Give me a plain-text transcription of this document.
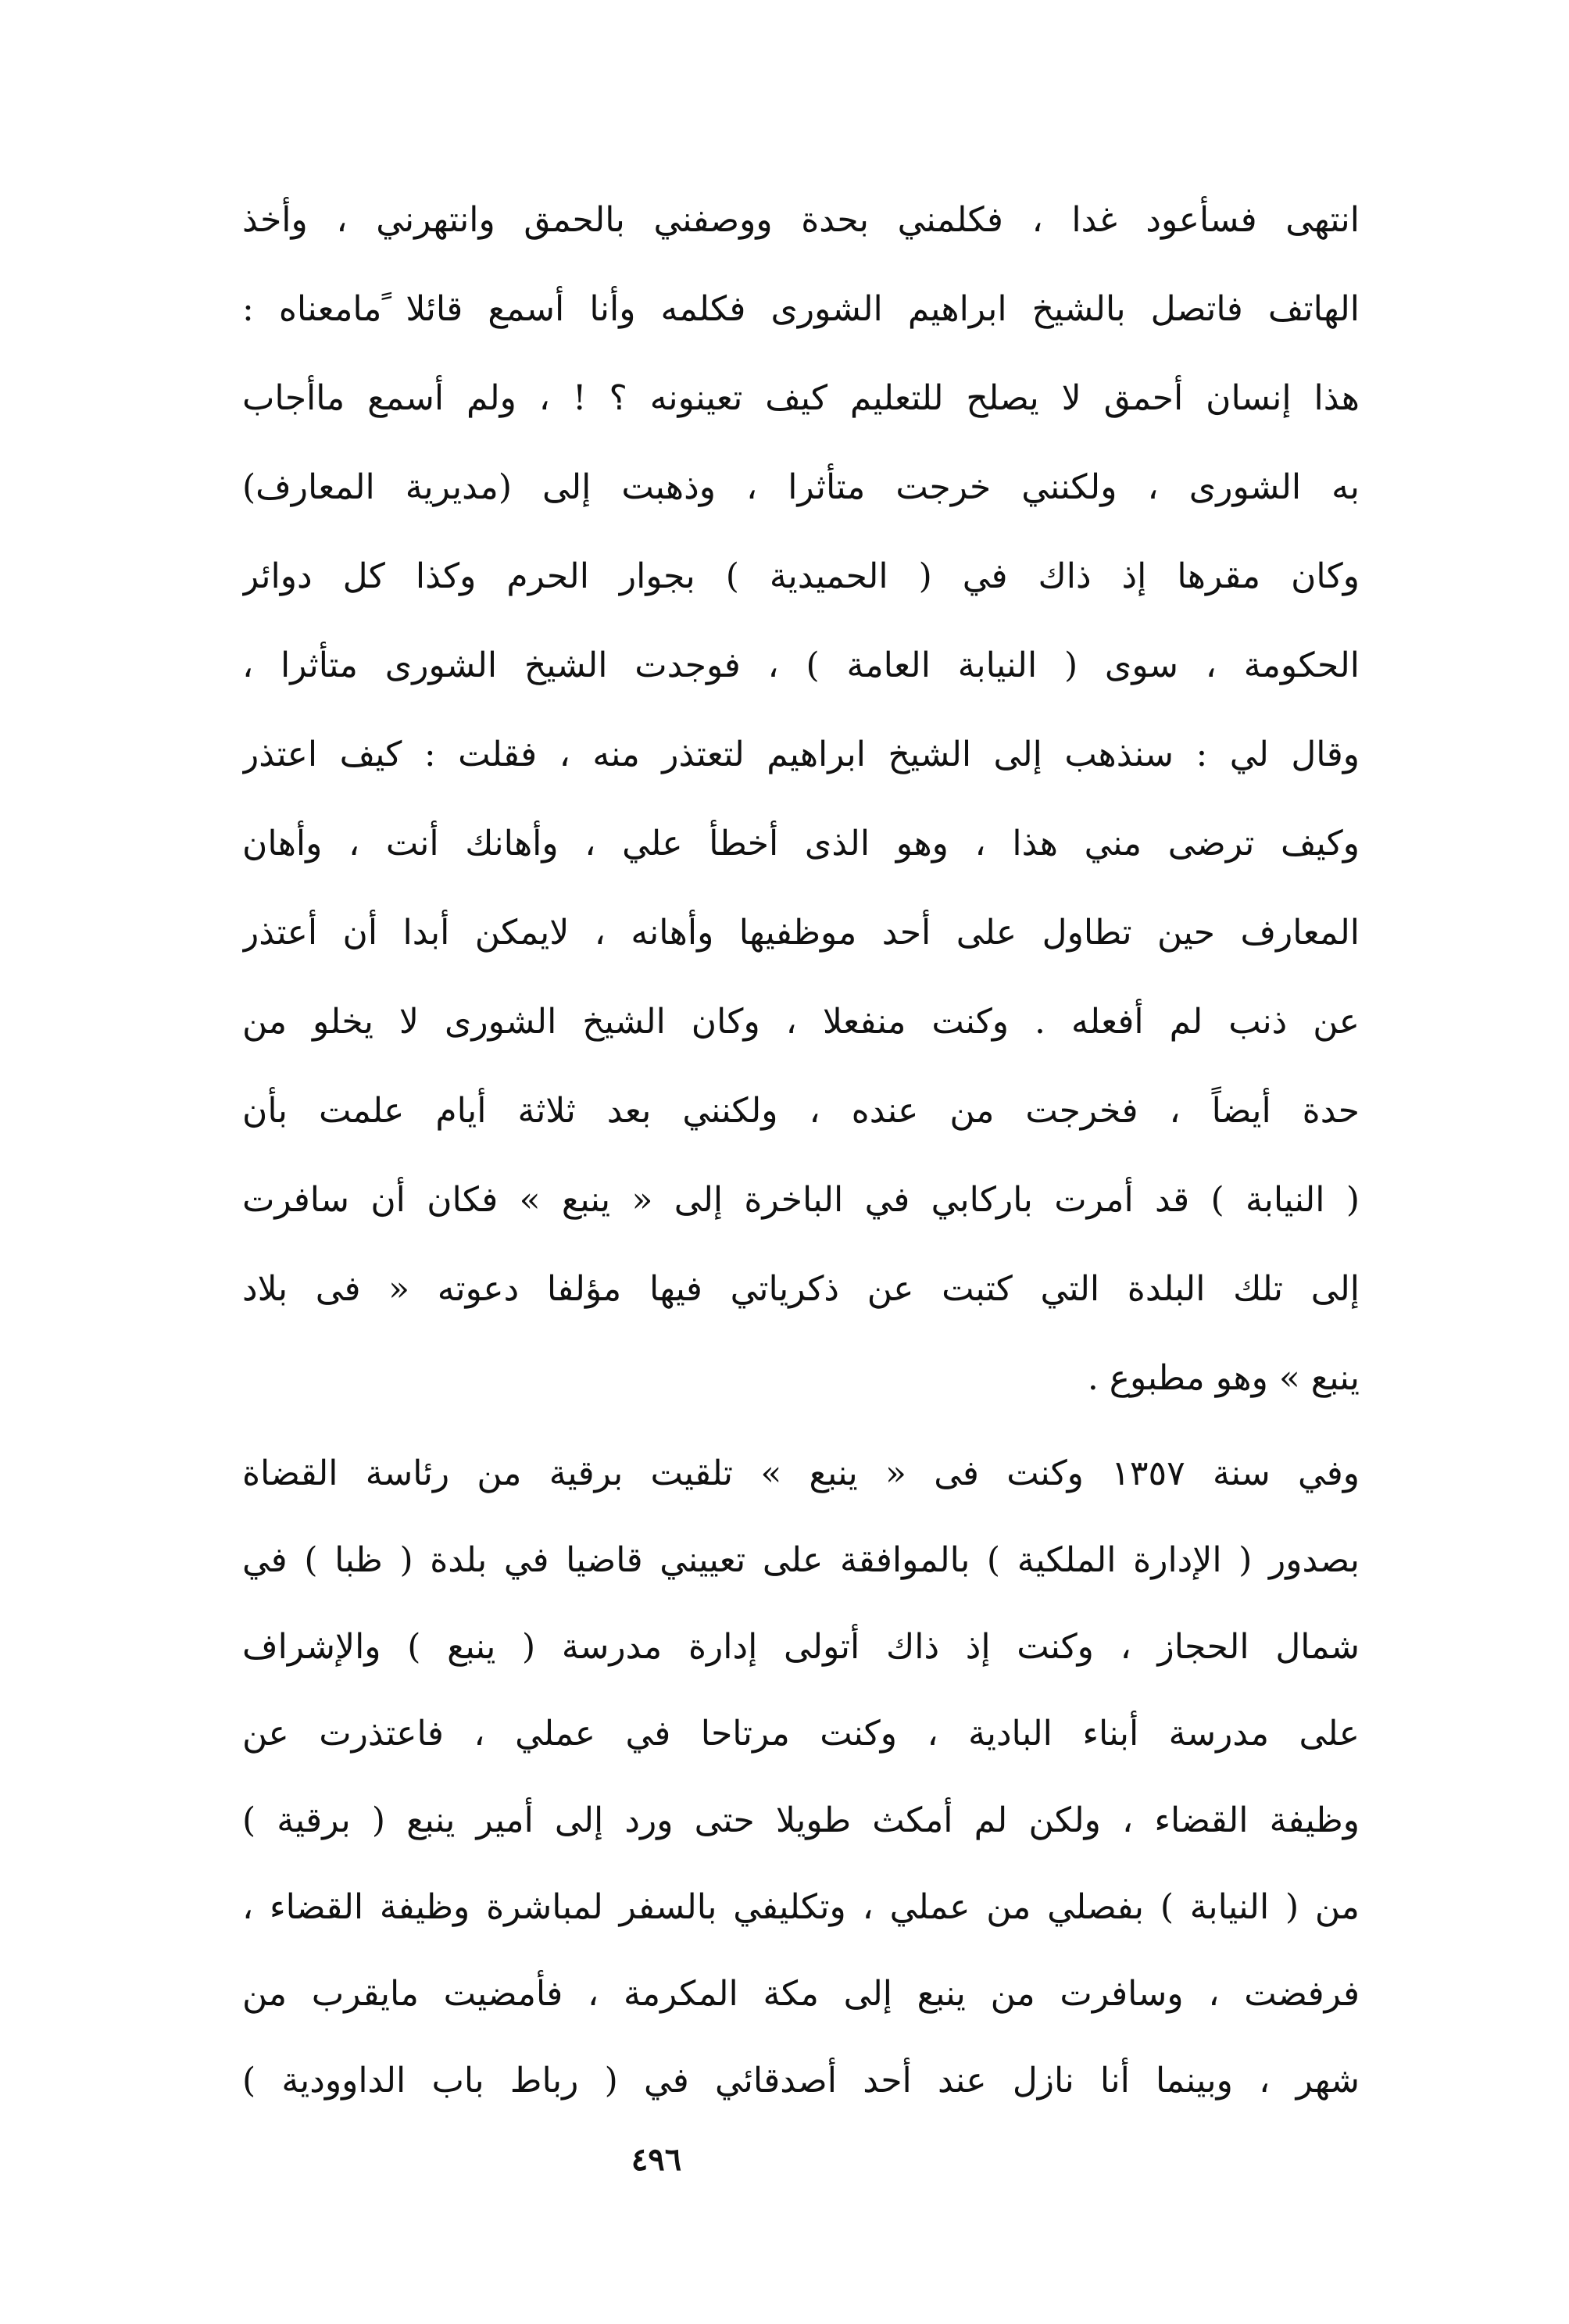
انتهى فسأعود غدا ، فكلمني بحدة ووصفني بالحمق وانتهرني ، وأخذ
الهاتف فاتصل بالشيخ ابراهيم الشورى فكلمه وأنا أسمع قائلا ًمامعناه :
هذا إنسان أحمق لا يصلح للتعليم كيف تعينونه ؟ ! ، ولم أسمع ماأجاب
به الشورى ، ولكنني خرجت متأثرا ، وذهبت إلى (مديرية المعارف)
وكان مقرها إذ ذاك في ( الحميدية ) بجوار الحرم وكذا كل دوائر
الحكومة ، سوى ( النيابة العامة ) ، فوجدت الشيخ الشورى متأثرا ،
وقال لي : سنذهب إلى الشيخ ابراهيم لتعتذر منه ، فقلت : كيف اعتذر
وكيف ترضى مني هذا ، وهو الذى أخطأ علي ، وأهانك أنت ، وأهان
المعارف حين تطاول على أحد موظفيها وأهانه ، لايمكن أبدا أن أعتذر
عن ذنب لم أفعله . وكنت منفعلا ، وكان الشيخ الشورى لا يخلو من
حدة أيضاً ، فخرجت من عنده ، ولكنني بعد ثلاثة أيام علمت بأن
( النيابة ) قد أمرت باركابي في الباخرة إلى « ينبع » فكان أن سافرت
إلى تلك البلدة التي كتبت عن ذكرياتي فيها مؤلفا دعوته « فى بلاد
ينبع » وهو مطبوع .
وفي سنة ١٣٥٧ وكنت فى « ينبع » تلقيت برقية من رئاسة القضاة
بصدور ( الإدارة الملكية ) بالموافقة على تعييني قاضيا في بلدة ( ظبا ) في
شمال الحجاز ، وكنت إذ ذاك أتولى إدارة مدرسة ( ينبع ) والإشراف
على مدرسة أبناء البادية ، وكنت مرتاحا في عملي ، فاعتذرت عن
وظيفة القضاء ، ولكن لم أمكث طويلا حتى ورد إلى أمير ينبع ( برقية )
من ( النيابة ) بفصلي من عملي ، وتكليفي بالسفر لمباشرة وظيفة القضاء ،
فرفضت ، وسافرت من ينبع إلى مكة المكرمة ، فأمضيت مايقرب من
شهر ، وبينما أنا نازل عند أحد أصدقائي في ( رباط باب الداوودية )
٤٩٦
